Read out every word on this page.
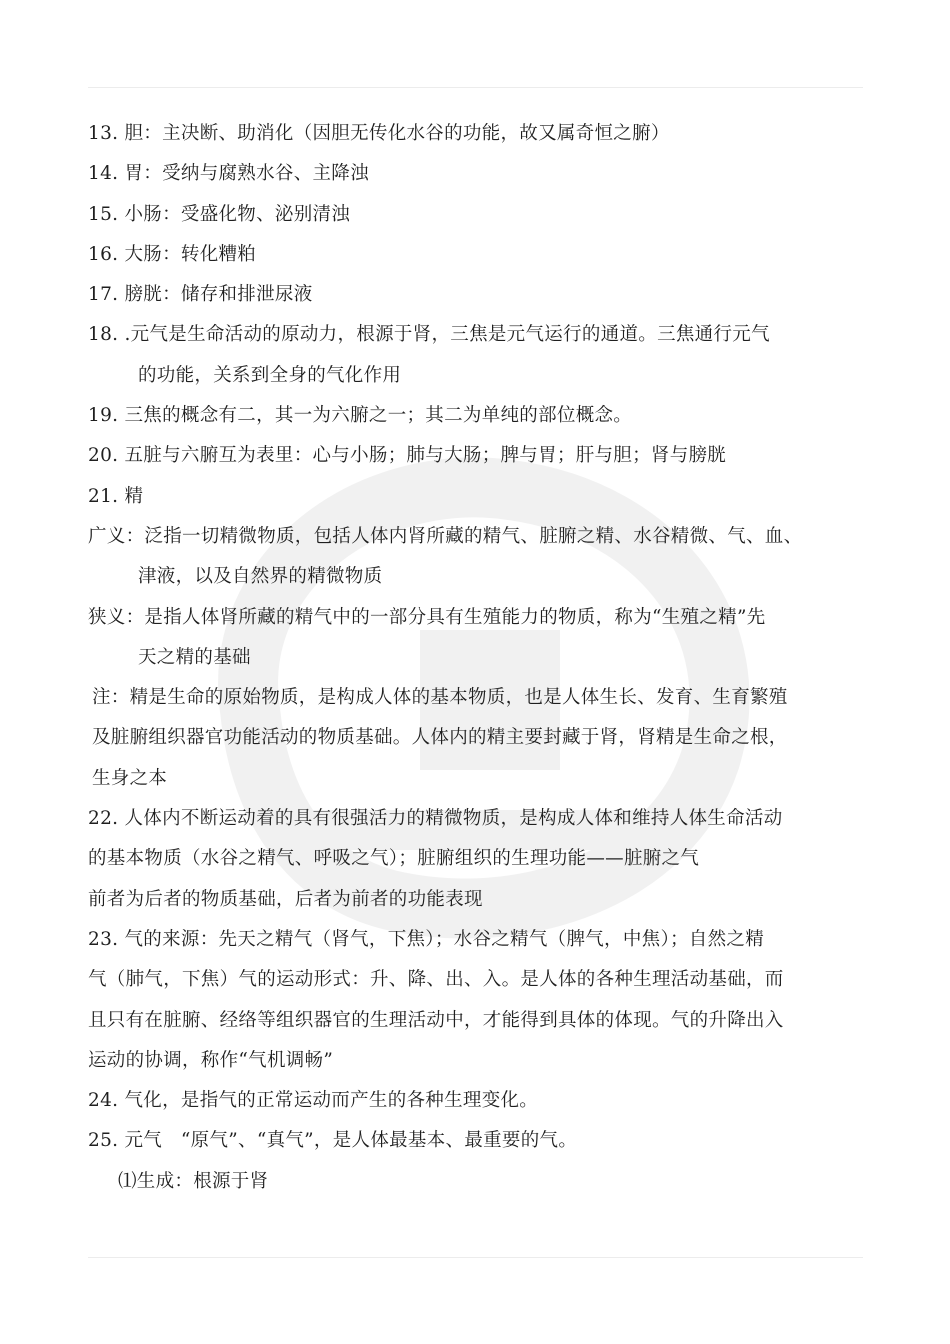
13. 胆：主决断、助消化（因胆无传化水谷的功能，故又属奇恒之腑）
14. 胃：受纳与腐熟水谷、主降浊
15. 小肠：受盛化物、泌别清浊
16. 大肠：转化糟粕
17. 膀胱：储存和排泄尿液
18. .元气是生命活动的原动力，根源于肾，三焦是元气运行的通道。三焦通行元气
的功能，关系到全身的气化作用
19. 三焦的概念有二，其一为六腑之一；其二为单纯的部位概念。
20. 五脏与六腑互为表里：心与小肠；肺与大肠；脾与胃；肝与胆；肾与膀胱
21. 精
广义：泛指一切精微物质，包括人体内肾所藏的精气、脏腑之精、水谷精微、气、血、
津液，以及自然界的精微物质
狭义：是指人体肾所藏的精气中的一部分具有生殖能力的物质，称为“生殖之精”先
天之精的基础
注：精是生命的原始物质，是构成人体的基本物质，也是人体生长、发育、生育繁殖
及脏腑组织器官功能活动的物质基础。人体内的精主要封藏于肾，肾精是生命之根，
生身之本
22. 人体内不断运动着的具有很强活力的精微物质，是构成人体和维持人体生命活动
的基本物质（水谷之精气、呼吸之气）；脏腑组织的生理功能——脏腑之气
前者为后者的物质基础，后者为前者的功能表现
23. 气的来源：先天之精气（肾气，下焦）；水谷之精气（脾气，中焦）；自然之精
气（肺气，下焦）气的运动形式：升、降、出、入。是人体的各种生理活动基础，而
且只有在脏腑、经络等组织器官的生理活动中，才能得到具体的体现。气的升降出入
运动的协调，称作“气机调畅”
24. 气化，是指气的正常运动而产生的各种生理变化。
25. 元气　“原气”、“真气”，是人体最基本、最重要的气。
⑴生成：根源于肾
